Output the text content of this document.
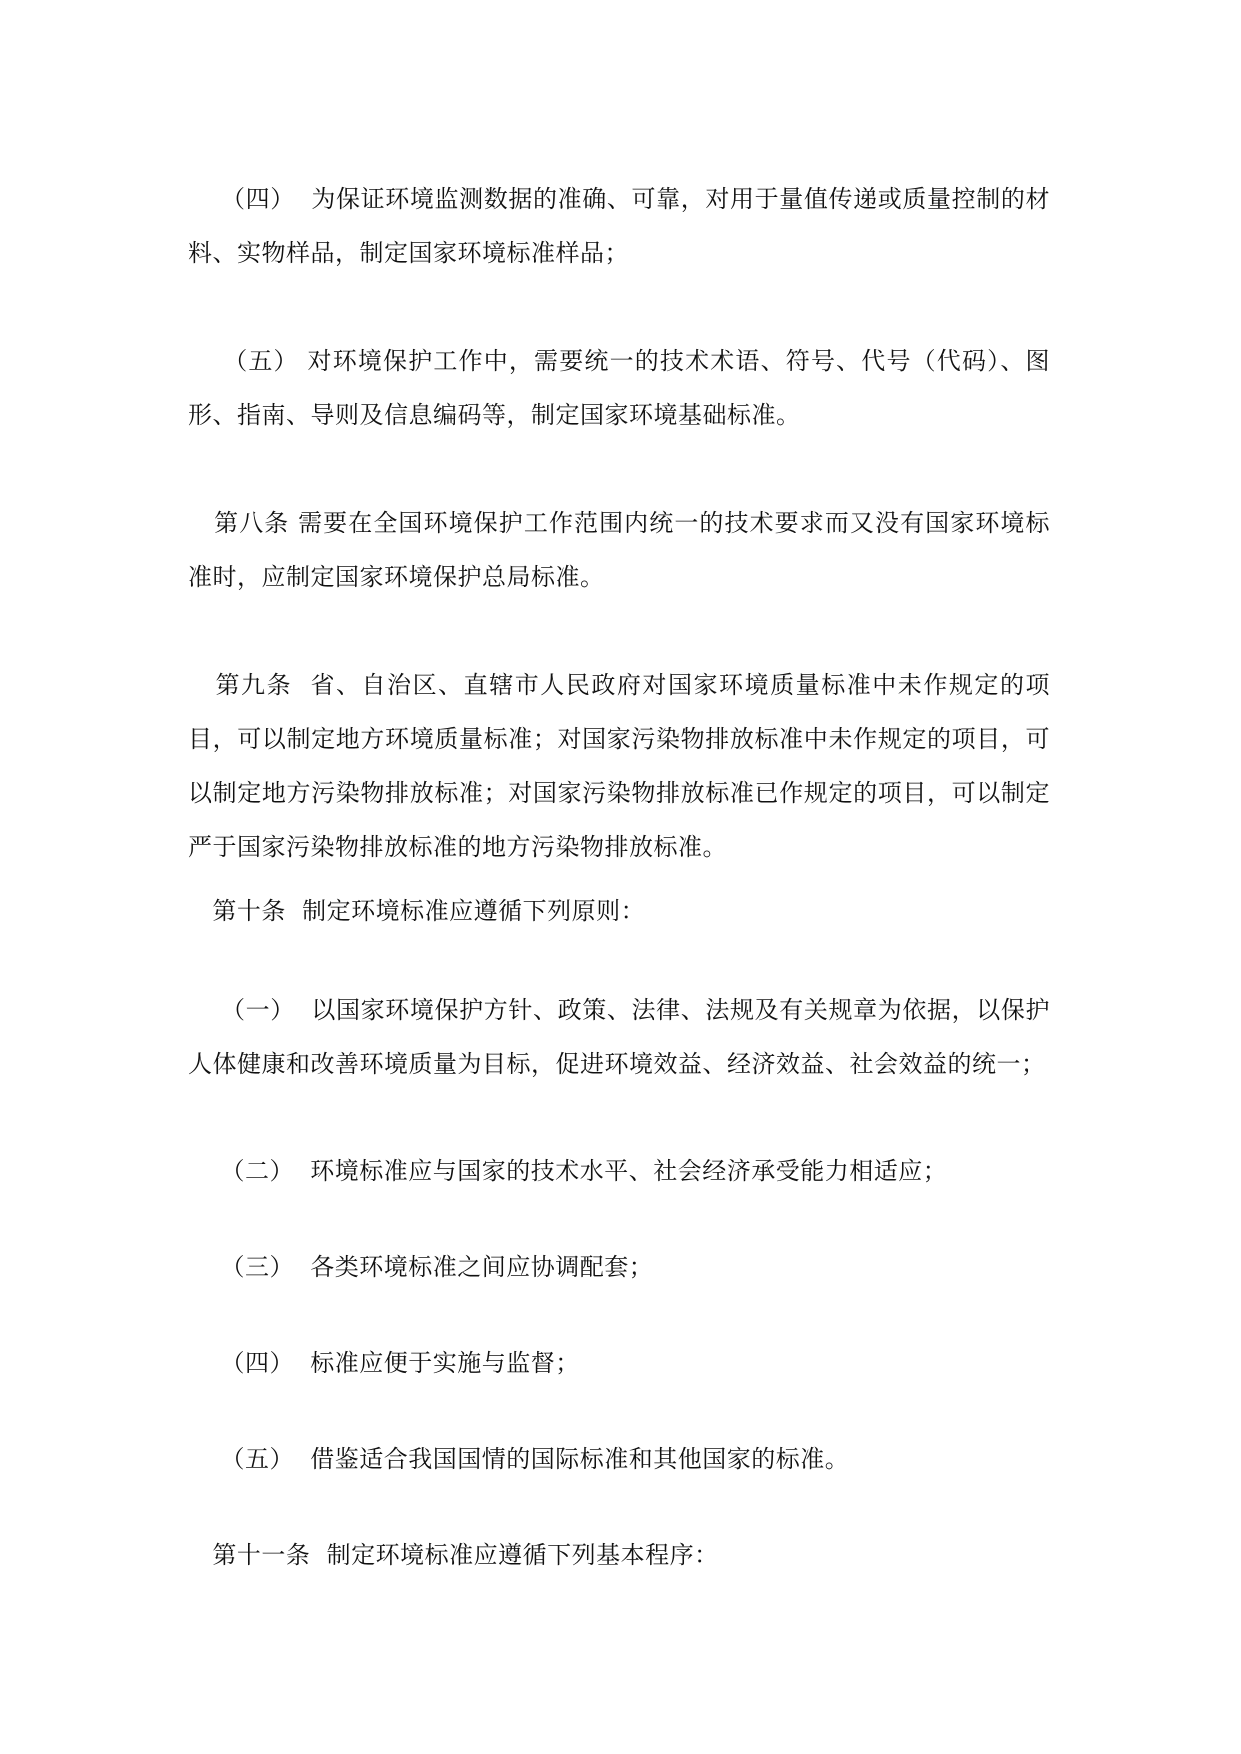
（四）  为保证环境监测数据的准确、可靠，对用于量值传递或质量控制的材料、实物样品，制定国家环境标准样品；

（五） 对环境保护工作中，需要统一的技术术语、符号、代号（代码）、图形、指南、导则及信息编码等，制定国家环境基础标准。

第八条 需要在全国环境保护工作范围内统一的技术要求而又没有国家环境标准时，应制定国家环境保护总局标准。

第九条  省、自治区、直辖市人民政府对国家环境质量标准中未作规定的项目，可以制定地方环境质量标准；对国家污染物排放标准中未作规定的项目，可以制定地方污染物排放标准；对国家污染物排放标准已作规定的项目，可以制定严于国家污染物排放标准的地方污染物排放标准。

第十条  制定环境标准应遵循下列原则：

（一）  以国家环境保护方针、政策、法律、法规及有关规章为依据，以保护人体健康和改善环境质量为目标，促进环境效益、经济效益、社会效益的统一；

（二）  环境标准应与国家的技术水平、社会经济承受能力相适应；

（三）  各类环境标准之间应协调配套；

（四）  标准应便于实施与监督；

（五）  借鉴适合我国国情的国际标准和其他国家的标准。

第十一条  制定环境标准应遵循下列基本程序：
